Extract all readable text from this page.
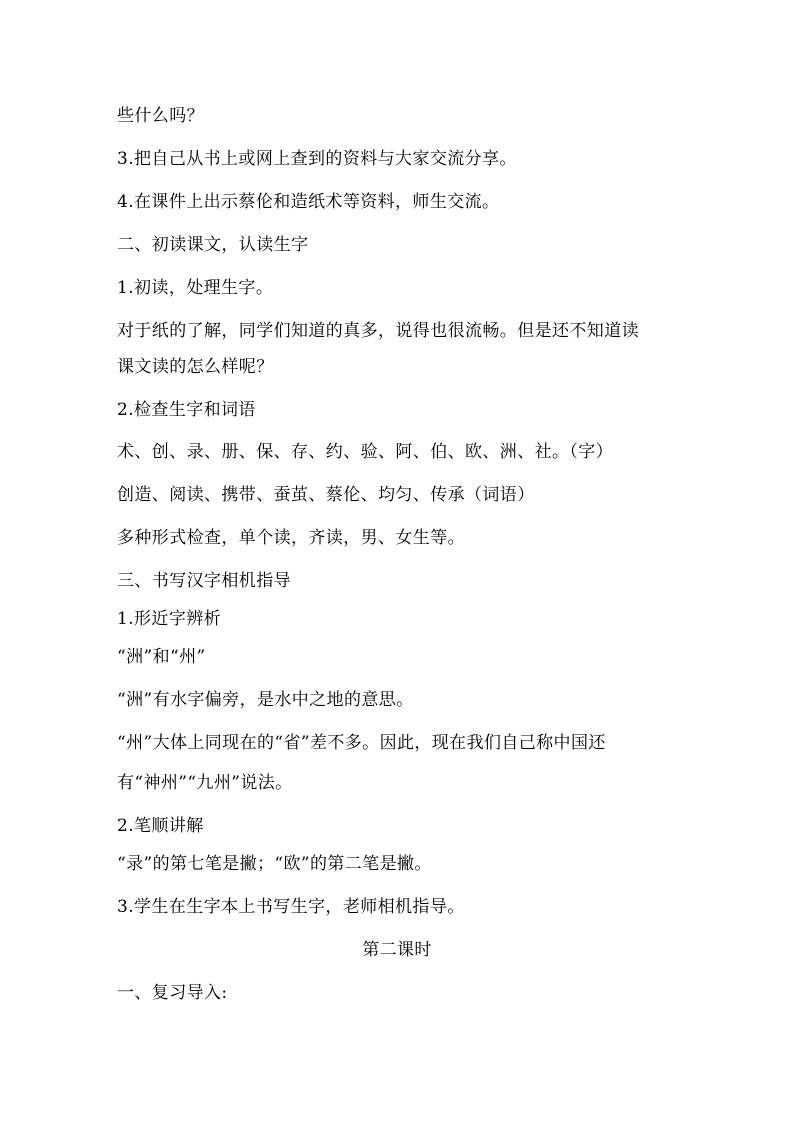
些什么吗？
3.把自己从书上或网上查到的资料与大家交流分享。
4.在课件上出示蔡伦和造纸术等资料，师生交流。
二、初读课文，认读生字
1.初读，处理生字。
对于纸的了解，同学们知道的真多，说得也很流畅。但是还不知道读
课文读的怎么样呢？
2.检查生字和词语
术、创、录、册、保、存、约、验、阿、伯、欧、洲、社。（字）
创造、阅读、携带、蚕茧、蔡伦、均匀、传承（词语）
多种形式检查，单个读，齐读，男、女生等。
三、书写汉字相机指导
1.形近字辨析
“洲”和“州”
“洲”有水字偏旁，是水中之地的意思。
“州”大体上同现在的“省”差不多。因此，现在我们自己称中国还
有“神州”“九州”说法。
2.笔顺讲解
“录”的第七笔是撇；“欧”的第二笔是撇。
3.学生在生字本上书写生字，老师相机指导。
第二课时
一、复习导入:
